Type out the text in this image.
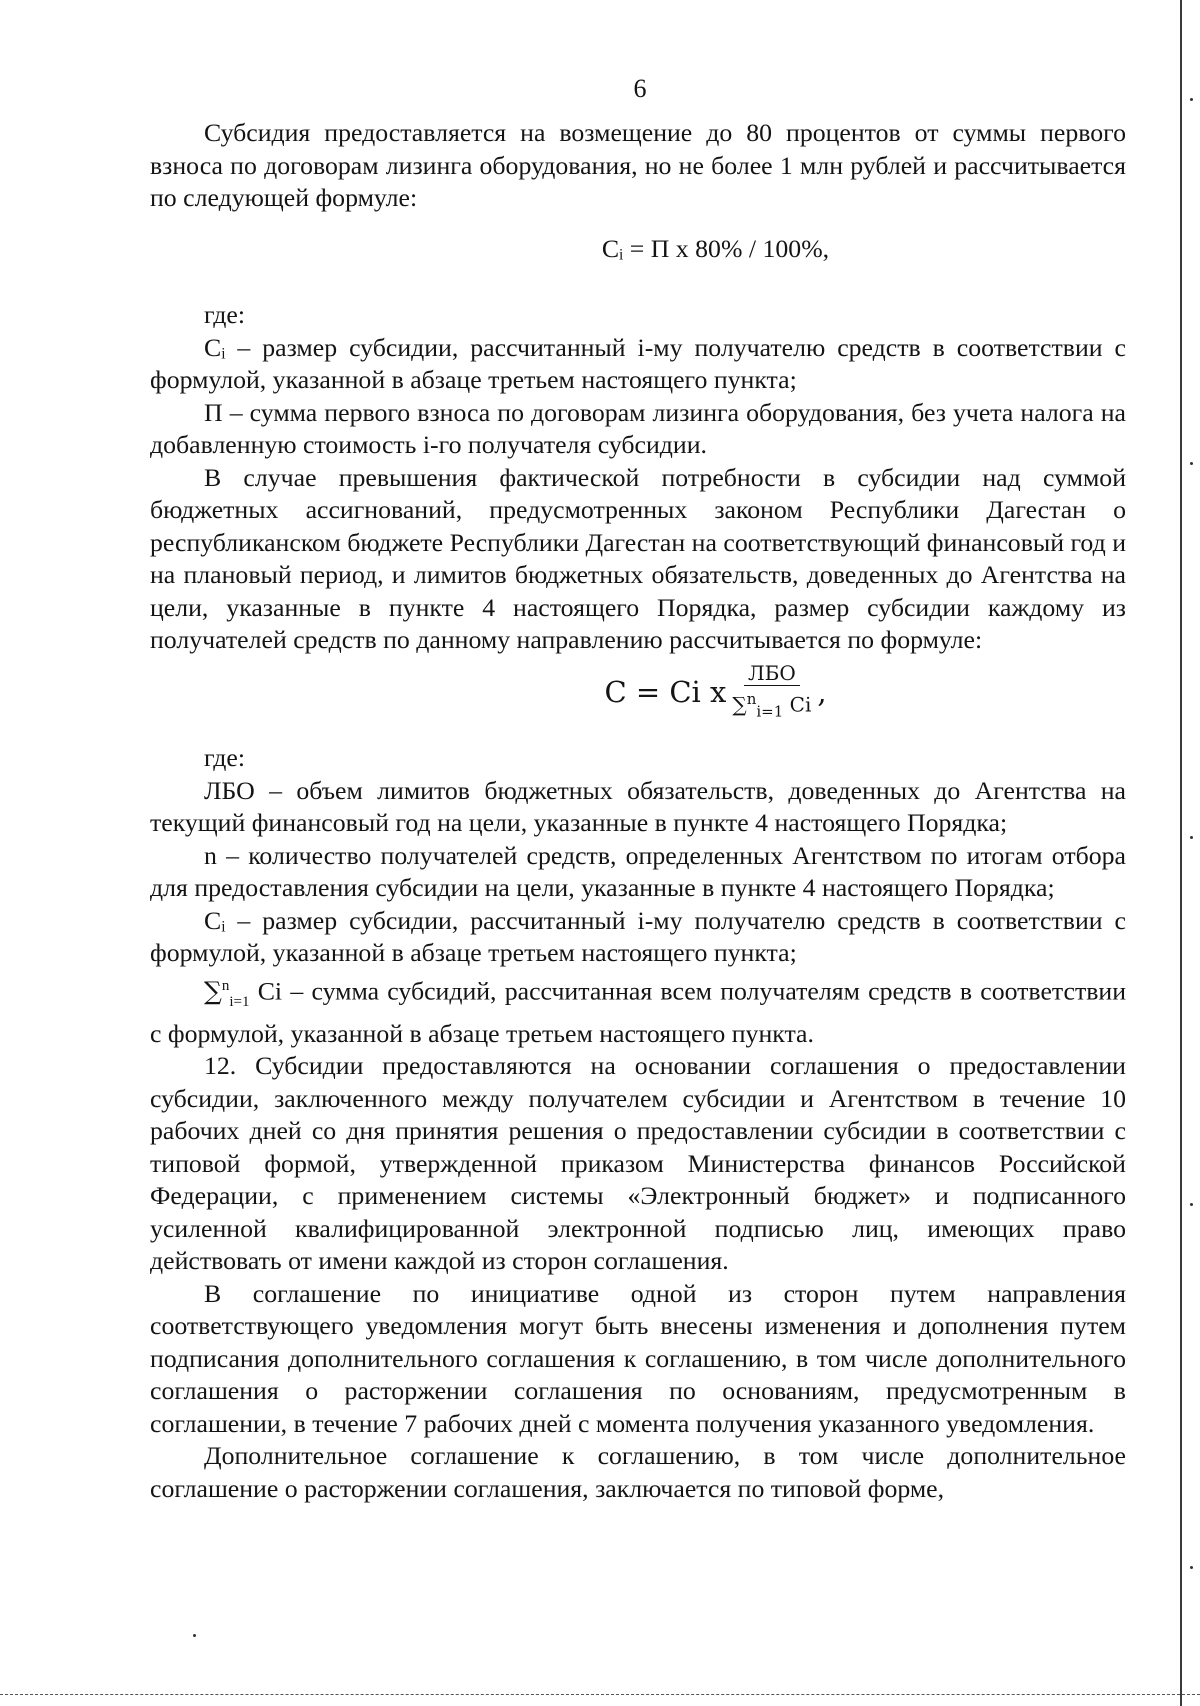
6

Субсидия предоставляется на возмещение до 80 процентов от суммы первого взноса по договорам лизинга оборудования, но не более 1 млн рублей и рассчитывается по следующей формуле:

Cᵢ = П x 80% / 100%,

где:

Cᵢ – размер субсидии, рассчитанный i-му получателю средств в соответствии с формулой, указанной в абзаце третьем настоящего пункта;

П – сумма первого взноса по договорам лизинга оборудования, без учета налога на добавленную стоимость i-го получателя субсидии.

В случае превышения фактической потребности в субсидии над суммой бюджетных ассигнований, предусмотренных законом Республики Дагестан о республиканском бюджете Республики Дагестан на соответствующий финансовый год и на плановый период, и лимитов бюджетных обязательств, доведенных до Агентства на цели, указанные в пункте 4 настоящего Порядка, размер субсидии каждому из получателей средств по данному направлению рассчитывается по формуле:

C = Ci x $\frac{\text{ЛБО}}{\sum^n_{i=1} Ci}$ ,

где:

ЛБО – объем лимитов бюджетных обязательств, доведенных до Агентства на текущий финансовый год на цели, указанные в пункте 4 настоящего Порядка;

n – количество получателей средств, определенных Агентством по итогам отбора для предоставления субсидии на цели, указанные в пункте 4 настоящего Порядка;

Cᵢ – размер субсидии, рассчитанный i-му получателю средств в соответствии с формулой, указанной в абзаце третьем настоящего пункта;

∑$^n_{i=1}$ Ci – сумма субсидий, рассчитанная всем получателям средств в соответствии с формулой, указанной в абзаце третьем настоящего пункта.

12. Субсидии предоставляются на основании соглашения о предоставлении субсидии, заключенного между получателем субсидии и Агентством в течение 10 рабочих дней со дня принятия решения о предоставлении субсидии в соответствии с типовой формой, утвержденной приказом Министерства финансов Российской Федерации, с применением системы «Электронный бюджет» и подписанного усиленной квалифицированной электронной подписью лиц, имеющих право действовать от имени каждой из сторон соглашения.

В соглашение по инициативе одной из сторон путем направления соответствующего уведомления могут быть внесены изменения и дополнения путем подписания дополнительного соглашения к соглашению, в том числе дополнительного соглашения о расторжении соглашения по основаниям, предусмотренным в соглашении, в течение 7 рабочих дней с момента получения указанного уведомления.

Дополнительное соглашение к соглашению, в том числе дополнительное соглашение о расторжении соглашения, заключается по типовой форме,
